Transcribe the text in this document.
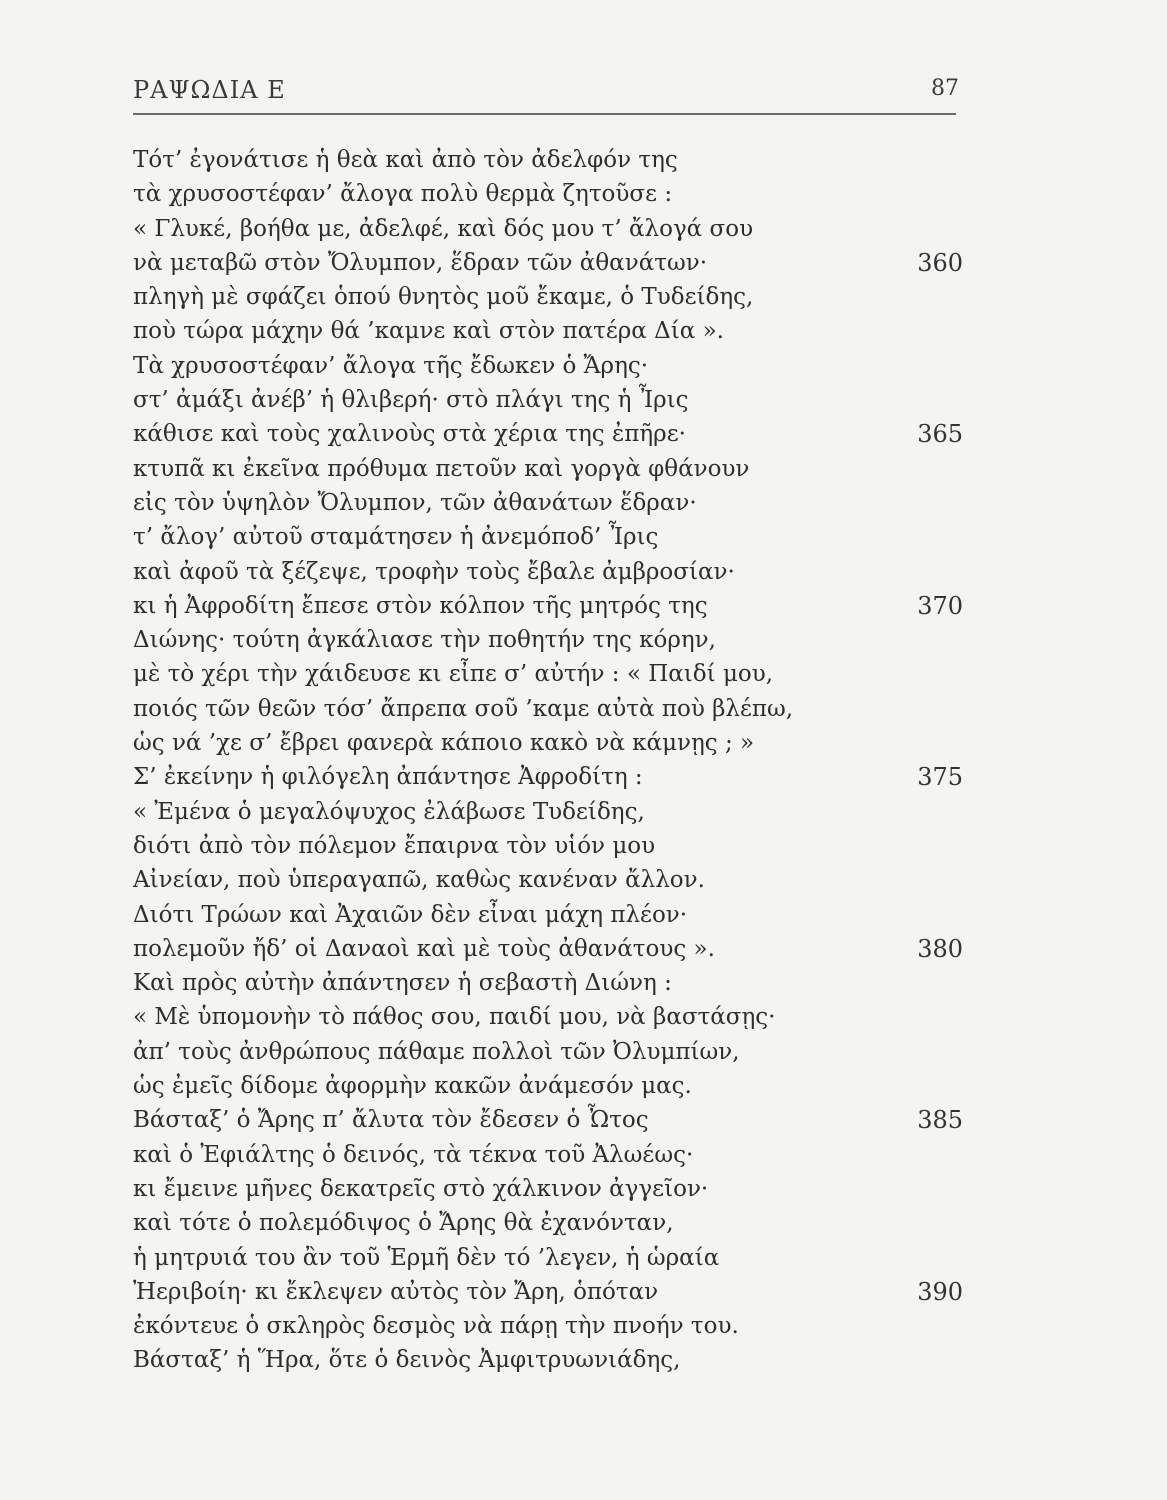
ΡΑΨΩΔΙΑ Ε	87
Τότ’ ἐγονάτισε ἡ θεὰ καὶ ἀπὸ τὸν ἀδελφόν της
τὰ χρυσοστέφαν’ ἄλογα πολὺ θερμὰ ζητοῦσε :
« Γλυκέ, βοήθα με, ἀδελφέ, καὶ δός μου τ’ ἄλογά σου
νὰ μεταβῶ στὸν Ὄλυμπον, ἕδραν τῶν ἀθανάτων·	360
πληγὴ μὲ σφάζει ὁπού θνητὸς μοῦ ἔκαμε, ὁ Τυδείδης,
ποὺ τώρα μάχην θά ’καμνε καὶ στὸν πατέρα Δία ».
Τὰ χρυσοστέφαν’ ἄλογα τῆς ἔδωκεν ὁ Ἄρης·
στ’ ἀμάξι ἀνέβ’ ἡ θλιβερή· στὸ πλάγι της ἡ Ἶρις
κάθισε καὶ τοὺς χαλινοὺς στὰ χέρια της ἐπῆρε·	365
κτυπᾶ κι ἐκεῖνα πρόθυμα πετοῦν καὶ γοργὰ φθάνουν
εἰς τὸν ὑψηλὸν Ὄλυμπον, τῶν ἀθανάτων ἕδραν·
τ’ ἄλογ’ αὐτοῦ σταμάτησεν ἡ ἀνεμόποδ’ Ἶρις
καὶ ἀφοῦ τὰ ξέζεψε, τροφὴν τοὺς ἔβαλε ἀμβροσίαν·
κι ἡ Ἀφροδίτη ἔπεσε στὸν κόλπον τῆς μητρός της	370
Διώνης· τούτη ἀγκάλιασε τὴν ποθητήν της κόρην,
μὲ τὸ χέρι τὴν χάιδευσε κι εἶπε σ’ αὐτήν : « Παιδί μου,
ποιός τῶν θεῶν τόσ’ ἄπρεπα σοῦ ’καμε αὐτὰ ποὺ βλέπω,
ὡς νά ’χε σ’ ἔβρει φανερὰ κάποιο κακὸ νὰ κάμνῃς ; »
Σ’ ἐκείνην ἡ φιλόγελη ἀπάντησε Ἀφροδίτη :	375
« Ἐμένα ὁ μεγαλόψυχος ἐλάβωσε Τυδείδης,
διότι ἀπὸ τὸν πόλεμον ἔπαιρνα τὸν υἱόν μου
Αἰνείαν, ποὺ ὑπεραγαπῶ, καθὼς κανέναν ἄλλον.
Διότι Τρώων καὶ Ἀχαιῶν δὲν εἶναι μάχη πλέον·
πολεμοῦν ἤδ’ οἱ Δαναοὶ καὶ μὲ τοὺς ἀθανάτους ».	380
Καὶ πρὸς αὐτὴν ἀπάντησεν ἡ σεβαστὴ Διώνη :
« Μὲ ὑπομονὴν τὸ πάθος σου, παιδί μου, νὰ βαστάσῃς·
ἀπ’ τοὺς ἀνθρώπους πάθαμε πολλοὶ τῶν Ὀλυμπίων,
ὡς ἐμεῖς δίδομε ἀφορμὴν κακῶν ἀνάμεσόν μας.
Βάσταξ’ ὁ Ἄρης π’ ἄλυτα τὸν ἔδεσεν ὁ Ὦτος	385
καὶ ὁ Ἐφιάλτης ὁ δεινός, τὰ τέκνα τοῦ Ἀλωέως·
κι ἔμεινε μῆνες δεκατρεῖς στὸ χάλκινον ἀγγεῖον·
καὶ τότε ὁ πολεμόδιψος ὁ Ἄρης θὰ ἐχανόνταν,
ἡ μητρυιά του ἂν τοῦ Ἑρμῆ δὲν τό ’λεγεν, ἡ ὡραία
Ἠεριβοίη· κι ἔκλεψεν αὐτὸς τὸν Ἄρη, ὁπόταν	390
ἐκόντευε ὁ σκληρὸς δεσμὸς νὰ πάρῃ τὴν πνοήν του.
Βάσταξ’ ἡ Ἥρα, ὅτε ὁ δεινὸς Ἀμφιτρυωνιάδης,
